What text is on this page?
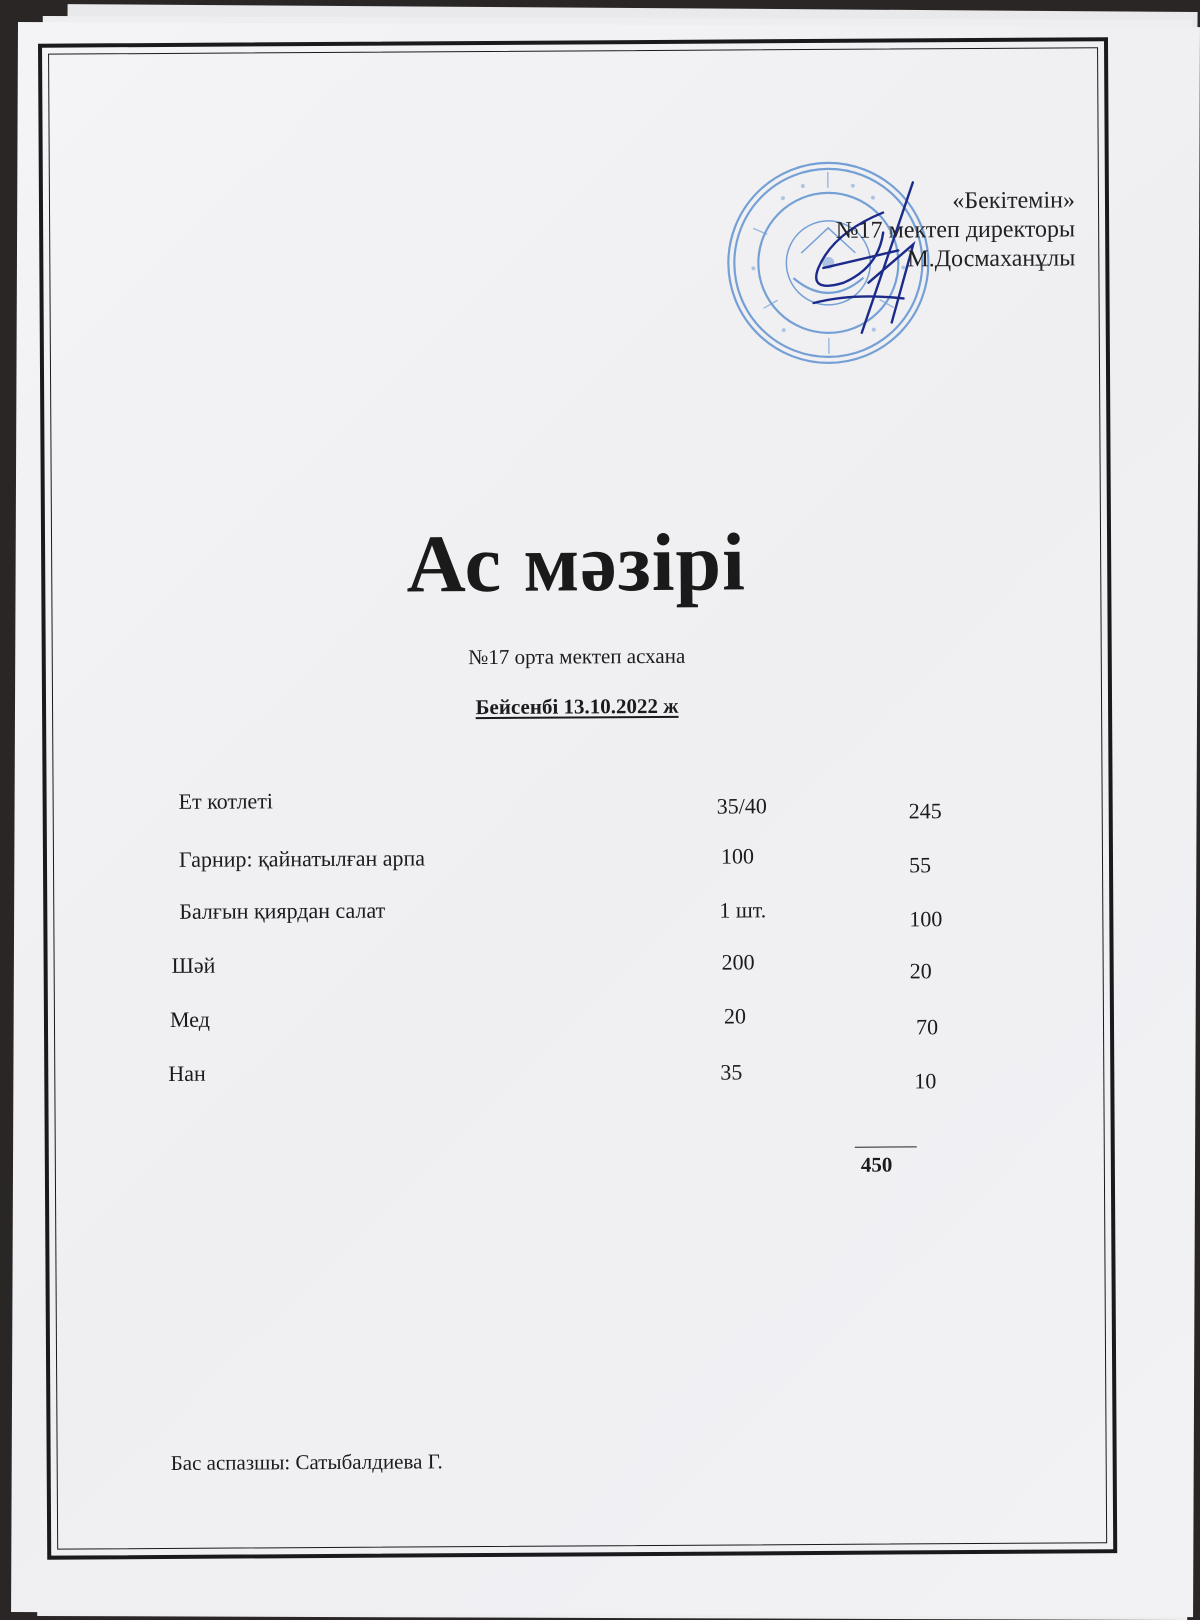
«Бекітемін»
№17 мектеп директоры
М.Досмаханұлы
Ас мәзірі
№17 орта мектеп асхана
Бейсенбі 13.10.2022 ж
Ет котлеті	35/40	245
Гарнир: қайнатылған арпа	100	55
Балғын қиярдан салат	1 шт.	100
Шәй	200	20
Мед	20	70
Нан	35	10
450
Бас аспазшы: Сатыбалдиева Г.
